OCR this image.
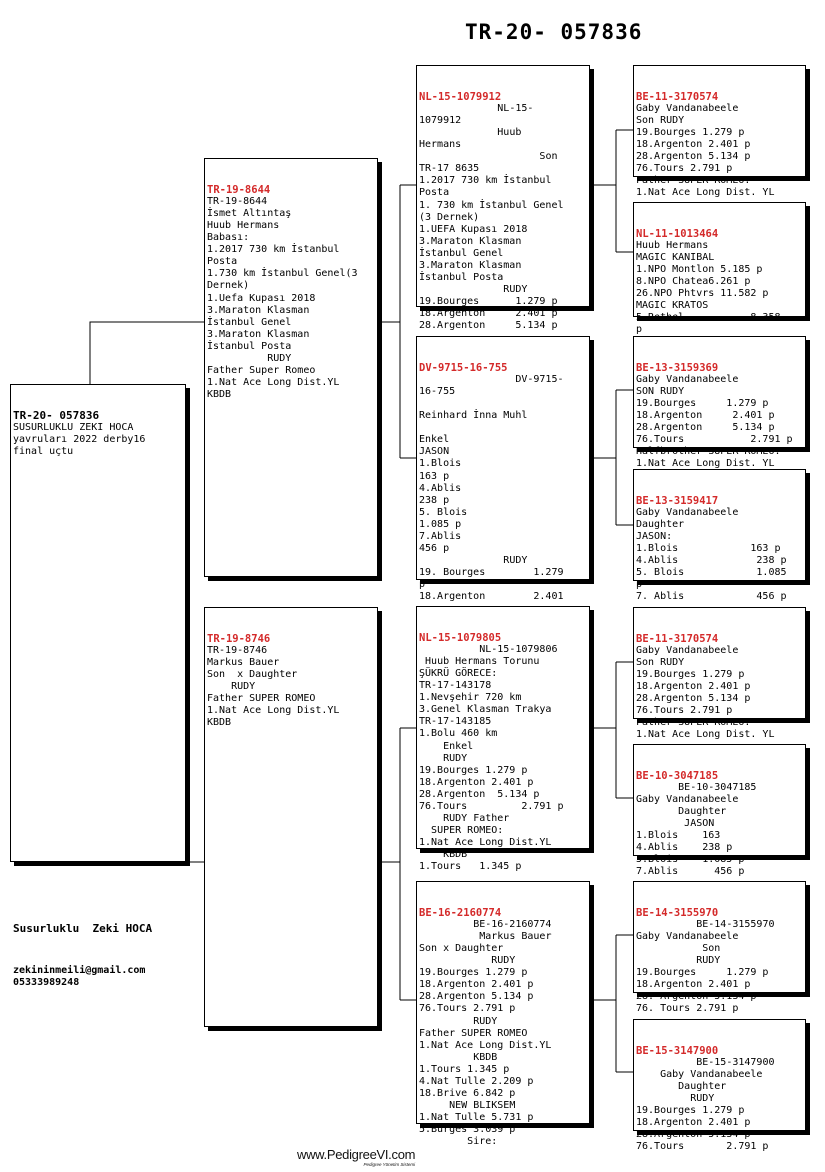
TR-20- 057836

TR-20- 057836
SUSURLUKLU ZEKI HOCA
yavruları 2022 derby16
final uçtu

TR-19-8644
TR-19-8644
İsmet Altıntaş
Huub Hermans
Babası:
1.2017 730 km İstanbul
Posta
1.730 km İstanbul Genel(3
Dernek)
1.Uefa Kupası 2018
3.Maraton Klasman
İstanbul Genel
3.Maraton Klasman
İstanbul Posta
RUDY
Father Super Romeo
1.Nat Ace Long Dist.YL
KBDB

TR-19-8746
TR-19-8746
Markus Bauer
Son  x Daughter
RUDY
Father SUPER ROMEO
1.Nat Ace Long Dist.YL
KBDB

NL-15-1079912
NL-15-
1079912
Huub
Hermans
Son
TR-17 8635
1.2017 730 km İstanbul
Posta
1. 730 km İstanbul Genel
(3 Dernek)
1.UEFA Kupası 2018
3.Maraton Klasman
İstanbul Genel
3.Maraton Klasman
İstanbul Posta
RUDY
19.Bourges      1.279 p
18.Argenton     2.401 p
28.Argenton     5.134 p

DV-9715-16-755
DV-9715-
16-755

Reinhard İnna Muhl

Enkel
JASON
1.Blois
163 p
4.Ablis
238 p
5. Blois
1.085 p
7.Ablis
456 p
RUDY
19. Bourges        1.279
p
18.Argenton        2.401

NL-15-1079805
NL-15-1079806
Huub Hermans Torunu
ŞÜKRÜ GÖRECE:
TR-17-143178
1.Nevşehir 720 km
3.Genel Klasman Trakya
TR-17-143185
1.Bolu 460 km
Enkel
RUDY
19.Bourges 1.279 p
18.Argenton 2.401 p
28.Argenton  5.134 p
76.Tours         2.791 p
RUDY Father
SUPER ROMEO:
1.Nat Ace Long Dist.YL
KBDB
1.Tours   1.345 p

BE-16-2160774
BE-16-2160774
Markus Bauer
Son x Daughter
RUDY
19.Bourges 1.279 p
18.Argenton 2.401 p
28.Argenton 5.134 p
76.Tours 2.791 p
RUDY
Father SUPER ROMEO
1.Nat Ace Long Dist.YL
KBDB
1.Tours 1.345 p
4.Nat Tulle 2.209 p
18.Brive 6.842 p
NEW BLIKSEM
1.Nat Tulle 5.731 p
5.Burges 3.039 p
Sire:

BE-11-3170574
Gaby Vandanabeele
Son RUDY
19.Bourges 1.279 p
18.Argenton 2.401 p
28.Argenton 5.134 p
76.Tours 2.791 p
Father SUPER ROMEO:
1.Nat Ace Long Dist. YL

NL-11-1013464
Huub Hermans
MAGIC KANIBAL
1.NPO Montlon 5.185 p
8.NPO Chatea6.261 p
26.NPO Phtvrs 11.582 p
MAGIC KRATOS
5.Rethel           8.358
p

BE-13-3159369
Gaby Vandanabeele
SON RUDY
19.Bourges     1.279 p
18.Argenton     2.401 p
28.Argenton     5.134 p
76.Tours           2.791 p
Halfbrother SUPER ROMEO:
1.Nat Ace Long Dist. YL

BE-13-3159417
Gaby Vandanabeele
Daughter
JASON:
1.Blois            163 p
4.Ablis             238 p
5. Blois            1.085
p
7. Ablis            456 p

BE-11-3170574
Gaby Vandanabeele
Son RUDY
19.Bourges 1.279 p
18.Argenton 2.401 p
28.Argenton 5.134 p
76.Tours 2.791 p
Father SUPER ROMEO:
1.Nat Ace Long Dist. YL

BE-10-3047185
BE-10-3047185
Gaby Vandanabeele
Daughter
JASON
1.Blois    163
4.Ablis    238 p
5.Blois    1.085 p
7.Ablis      456 p

BE-14-3155970
BE-14-3155970
Gaby Vandanabeele
Son
RUDY
19.Bourges     1.279 p
18.Argenton 2.401 p
28. Argenton 5.134 p
76. Tours 2.791 p

BE-15-3147900
BE-15-3147900
Gaby Vandanabeele
Daughter
RUDY
19.Bourges 1.279 p
18.Argenton 2.401 p
28.Argenton 5.134 p
76.Tours       2.791 p

Susurluklu  Zeki HOCA
zekininmeili@gmail.com
05333989248
www.PedigreeVI.com
Pedigree Yönetim Sistemi
